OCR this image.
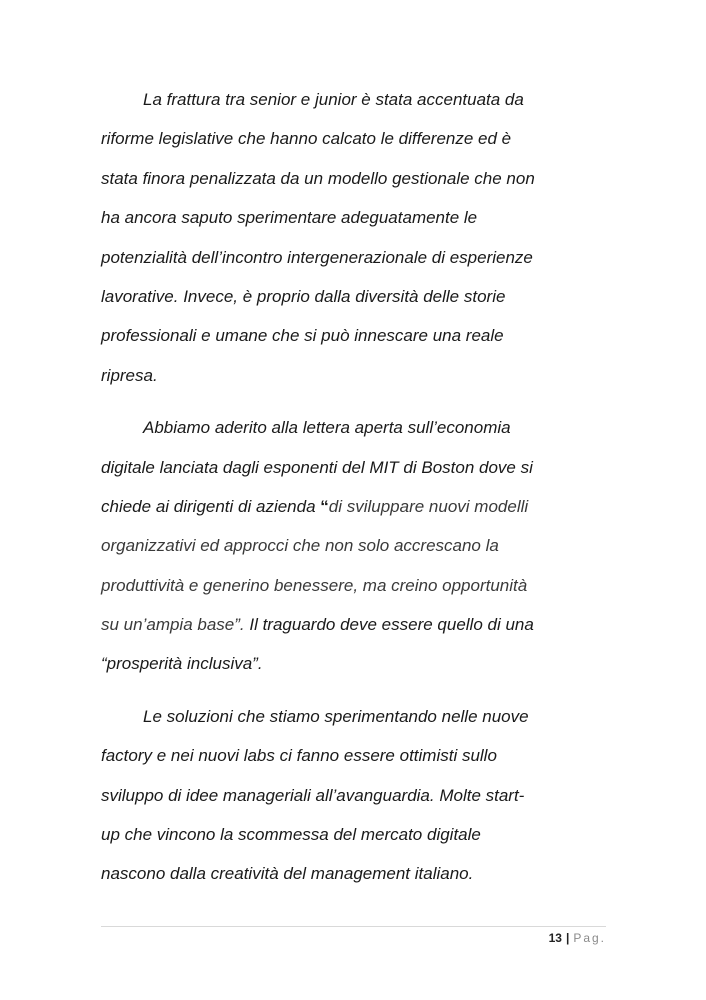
La frattura tra senior e junior è stata accentuata da
riforme legislative che hanno calcato le differenze ed è
stata finora penalizzata da un modello gestionale che non
ha ancora saputo sperimentare adeguatamente le
potenzialità dell’incontro intergenerazionale di esperienze
lavorative. Invece, è proprio dalla diversità delle storie
professionali e umane che si può innescare una reale
ripresa.
Abbiamo aderito alla lettera aperta sull’economia
digitale lanciata dagli esponenti del MIT di Boston dove si
chiede ai dirigenti di azienda “di sviluppare nuovi modelli
organizzativi ed approcci che non solo accrescano la
produttività e generino benessere, ma creino opportunità
su un’ampia base”. Il traguardo deve essere quello di una
“prosperità inclusiva”.
Le soluzioni che stiamo sperimentando nelle nuove
factory e nei nuovi labs ci fanno essere ottimisti sullo
sviluppo di idee manageriali all’avanguardia. Molte start-
up che vincono la scommessa del mercato digitale
nascono dalla creatività del management italiano.
13 | Pag.
